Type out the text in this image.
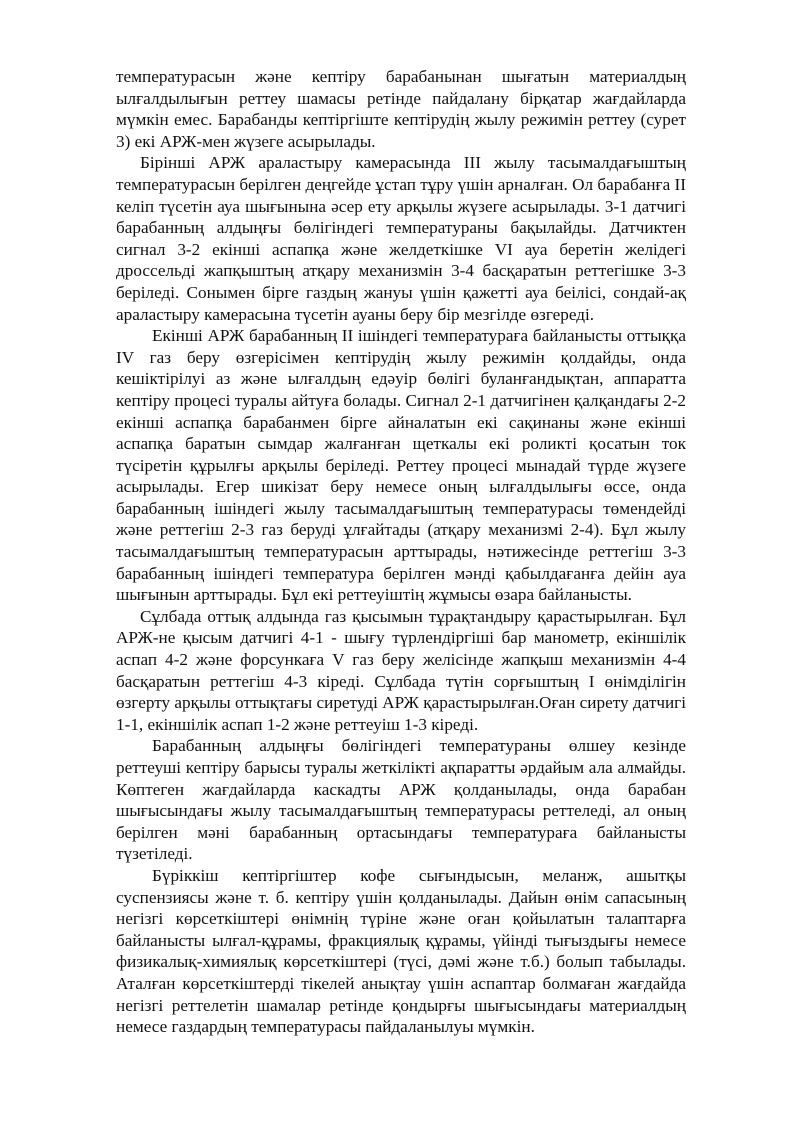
температурасын және кептіру барабанынан шығатын материалдың ылғалдылығын реттеу шамасы ретінде пайдалану бірқатар жағдайларда мүмкін емес. Барабанды кептіргіште кептірудің жылу режимін реттеу (сурет 3) екі АРЖ-мен жүзеге асырылады.

Бірінші АРЖ араластыру камерасында ІІІ жылу тасымалдағыштың температурасын берілген деңгейде ұстап тұру үшін арналған. Ол барабанға ІІ келіп түсетін ауа шығынына әсер ету арқылы жүзеге асырылады. 3-1 датчигі барабанның алдыңғы бөлігіндегі температураны бақылайды. Датчиктен сигнал 3-2 екінші аспапқа және желдеткішке VI ауа беретін желідегі дроссельді жапқыштың атқару механизмін 3-4 басқаратын реттегішке 3-3 беріледі. Сонымен бірге газдың жануы үшін қажетті ауа беілісі, сондай-ақ араластыру камерасына түсетін ауаны беру бір мезгілде өзгереді.

Екінші АРЖ барабанның ІІ ішіндегі температураға байланысты оттыққа IV газ беру өзгерісімен кептірудің жылу режимін қолдайды, онда кешіктірілуі аз және ылғалдың едәуір бөлігі буланғандықтан, аппаратта кептіру процесі туралы айтуға болады. Сигнал 2-1 датчигінен қалқандағы 2-2 екінші аспапқа барабанмен бірге айналатын екі сақинаны және екінші аспапқа баратын сымдар жалғанған щеткалы екі роликті қосатын ток түсіретін құрылғы арқылы беріледі. Реттеу процесі мынадай түрде жүзеге асырылады. Егер шикізат беру немесе оның ылғалдылығы өссе, онда барабанның ішіндегі жылу тасымалдағыштың температурасы төмендейді және реттегіш 2-3 газ беруді ұлғайтады (атқару механизмі 2-4). Бұл жылу тасымалдағыштың температурасын арттырады, нәтижесінде реттегіш 3-3 барабанның ішіндегі температура берілген мәнді қабылдағанға дейін ауа шығынын арттырады. Бұл екі реттеуіштің жұмысы өзара байланысты.

Сұлбада оттық алдында газ қысымын тұрақтандыру қарастырылған. Бұл АРЖ-не қысым датчигі 4-1 - шығу түрлендіргіші бар манометр, екіншілік аспап 4-2 және форсункаға V газ беру желісінде жапқыш механизмін 4-4 басқаратын реттегіш 4-3 кіреді. Сұлбада түтін сорғыштың І өнімділігін өзгерту арқылы оттықтағы сиретуді АРЖ қарастырылған.Оған сирету датчигі 1-1, екіншілік аспап 1-2 және реттеуіш 1-3 кіреді.

Барабанның алдыңғы бөлігіндегі температураны өлшеу кезінде реттеуші кептіру барысы туралы жеткілікті ақпаратты әрдайым ала алмайды. Көптеген жағдайларда каскадты АРЖ қолданылады, онда барабан шығысындағы жылу тасымалдағыштың температурасы реттеледі, ал оның берілген мәні барабанның ортасындағы температураға байланысты түзетіледі.

Бүріккіш кептіргіштер кофе сығындысын, меланж, ашытқы суспензиясы және т. б. кептіру үшін қолданылады. Дайын өнім сапасының негізгі көрсеткіштері өнімнің түріне және оған қойылатын талаптарға байланысты ылғал-құрамы, фракциялық құрамы, үйінді тығыздығы немесе физикалық-химиялық көрсеткіштері (түсі, дәмі және т.б.) болып табылады. Аталған көрсеткіштерді тікелей анықтау үшін аспаптар болмаған жағдайда негізгі реттелетін шамалар ретінде қондырғы шығысындағы материалдың немесе газдардың температурасы пайдаланылуы мүмкін.
